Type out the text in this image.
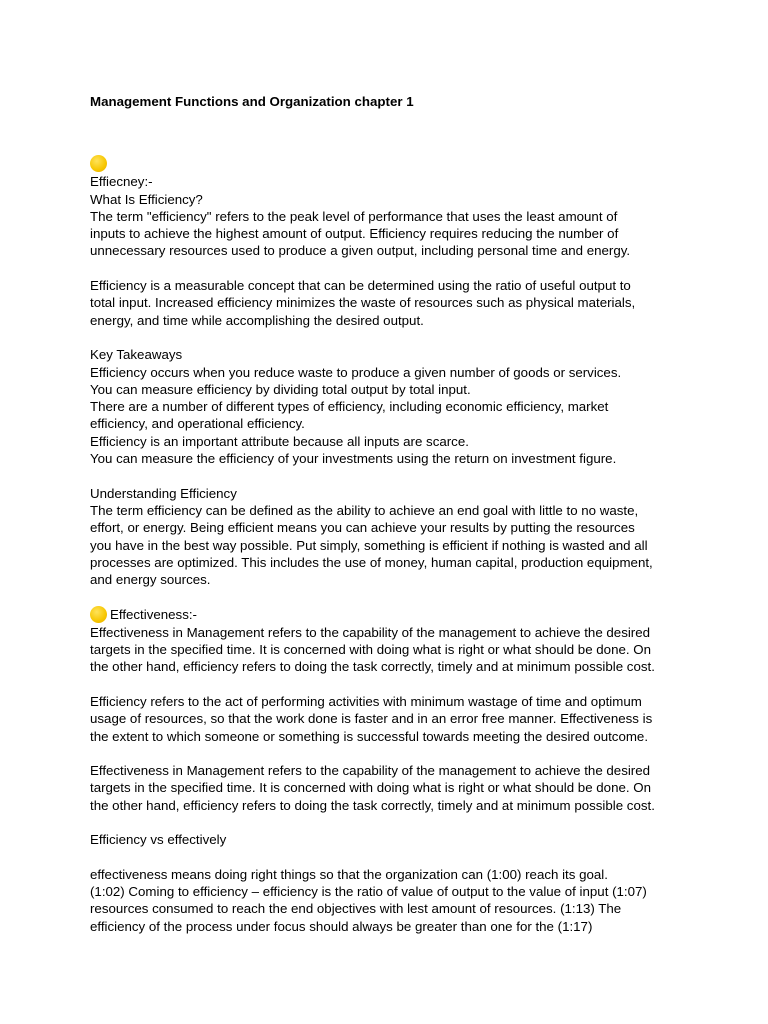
Management Functions and Organization chapter 1

Effiecney:-

What Is Efficiency?

The term "efficiency" refers to the peak level of performance that uses the least amount of

inputs to achieve the highest amount of output. Efficiency requires reducing the number of

unnecessary resources used to produce a given output, including personal time and energy.

Efficiency is a measurable concept that can be determined using the ratio of useful output to

total input. Increased efficiency minimizes the waste of resources such as physical materials,

energy, and time while accomplishing the desired output.

Key Takeaways

Efficiency occurs when you reduce waste to produce a given number of goods or services.

You can measure efficiency by dividing total output by total input.

There are a number of different types of efficiency, including economic efficiency, market

efficiency, and operational efficiency.

Efficiency is an important attribute because all inputs are scarce.

You can measure the efficiency of your investments using the return on investment figure.

Understanding Efficiency

The term efficiency can be defined as the ability to achieve an end goal with little to no waste,

effort, or energy. Being efficient means you can achieve your results by putting the resources

you have in the best way possible. Put simply, something is efficient if nothing is wasted and all

processes are optimized. This includes the use of money, human capital, production equipment,

and energy sources.

Effectiveness:-

Effectiveness in Management refers to the capability of the management to achieve the desired

targets in the specified time. It is concerned with doing what is right or what should be done. On

the other hand, efficiency refers to doing the task correctly, timely and at minimum possible cost.

Efficiency refers to the act of performing activities with minimum wastage of time and optimum

usage of resources, so that the work done is faster and in an error free manner. Effectiveness is

the extent to which someone or something is successful towards meeting the desired outcome.

Effectiveness in Management refers to the capability of the management to achieve the desired

targets in the specified time. It is concerned with doing what is right or what should be done. On

the other hand, efficiency refers to doing the task correctly, timely and at minimum possible cost.

Efficiency vs effectively

effectiveness means doing right things so that the organization can (1:00) reach its goal.

(1:02) Coming to efficiency – efficiency is the ratio of value of output to the value of input (1:07)

resources consumed to reach the end objectives with lest amount of resources. (1:13) The

efficiency of the process under focus should always be greater than one for the (1:17)
